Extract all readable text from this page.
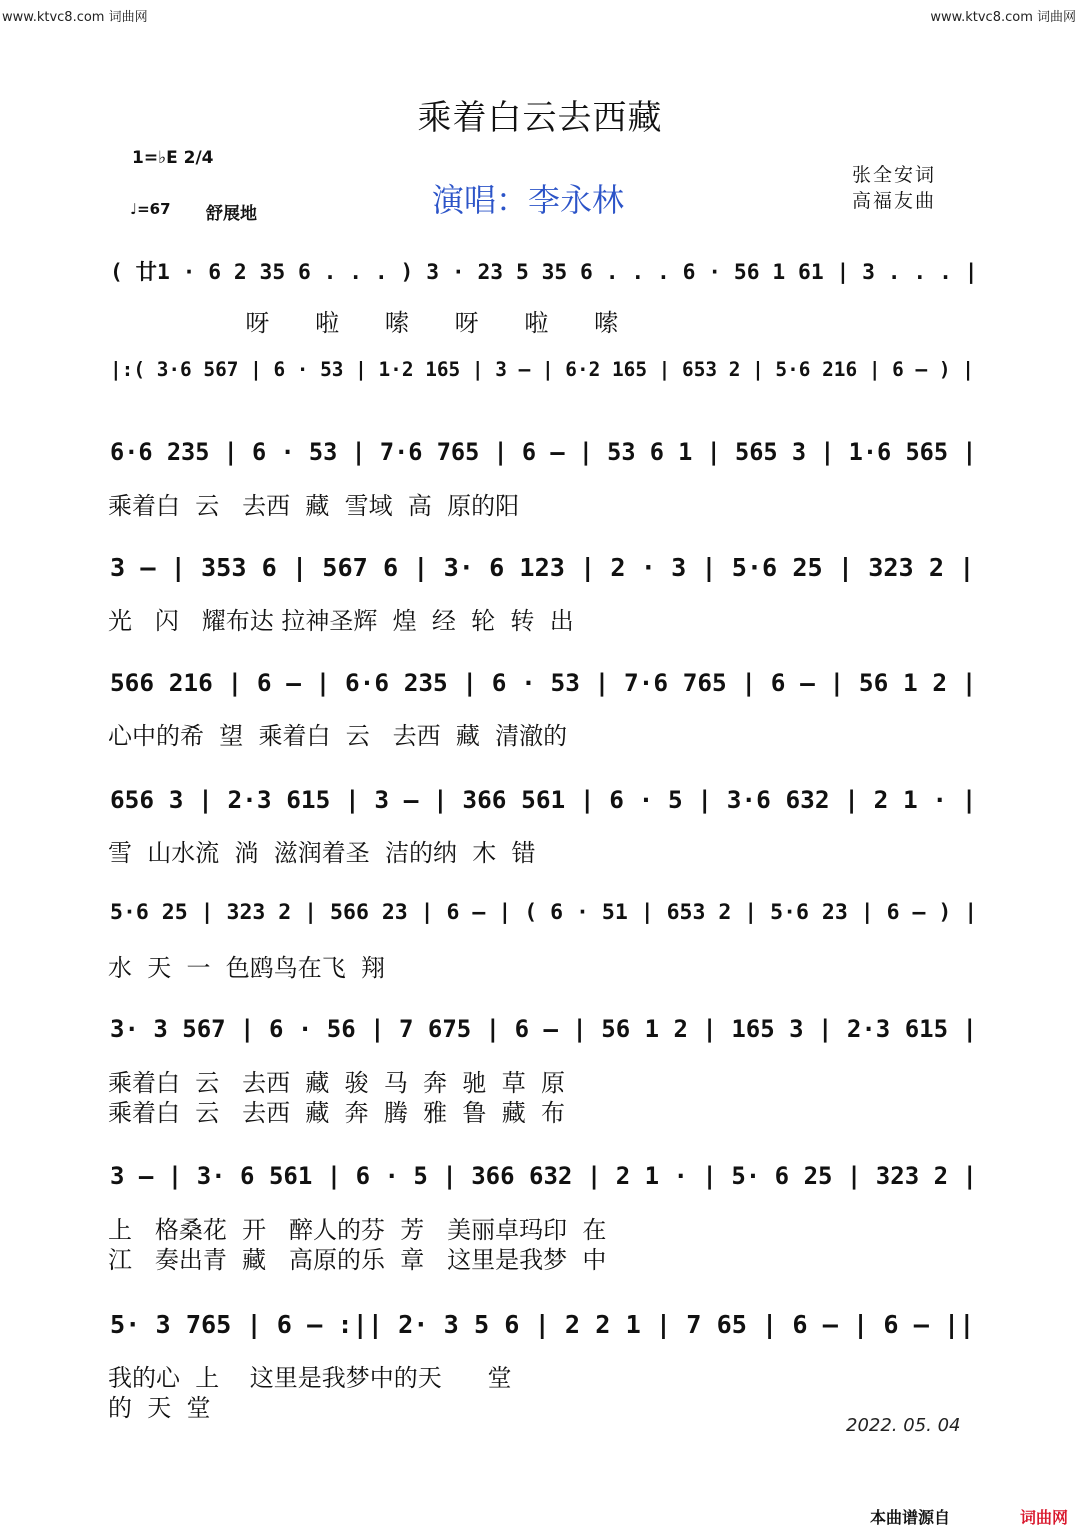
www.ktvc8.com 词曲网	www.ktvc8.com 词曲网
乘着白云去西藏
1=♭E 2/4
♩=67 舒展地	演唱：李永林
张全安词
高福友曲
( 廿1 · 6 2 35 6 . . . ) 3 · 23 5 35 6 . . . 6 · 56 1 61 | 3 . . . |
呀      啦      嗦      呀      啦      嗦
|:( 3·6 567 | 6 · 53 | 1·2 165 | 3 – | 6·2 165 | 653 2 | 5·6 216 | 6 – ) |
6·6 235 | 6 · 53 | 7·6 765 | 6 – | 53 6 1 | 565 3 | 1·6 565 |
乘着白  云   去西  藏  雪域  高  原的阳
3 – | 353 6 | 567 6 | 3· 6 123 | 2 · 3 | 5·6 25 | 323 2 |
光   闪   耀布达 拉神圣辉  煌  经  轮  转  出
566 216 | 6 – | 6·6 235 | 6 · 53 | 7·6 765 | 6 – | 56 1 2 |
心中的希  望  乘着白  云   去西  藏  清澈的
656 3 | 2·3 615 | 3 – | 366 561 | 6 · 5 | 3·6 632 | 2 1 · |
雪  山水流  淌  滋润着圣  洁的纳  木  错
5·6 25 | 323 2 | 566 23 | 6 – | ( 6 · 51 | 653 2 | 5·6 23 | 6 – ) |
水  天  一  色鸥鸟在飞  翔
3· 3 567 | 6 · 56 | 7 675 | 6 – | 56 1 2 | 165 3 | 2·3 615 |
乘着白  云   去西  藏  骏  马  奔  驰  草  原
乘着白  云   去西  藏  奔  腾  雅  鲁  藏  布
3 – | 3· 6 561 | 6 · 5 | 366 632 | 2 1 · | 5· 6 25 | 323 2 |
上   格桑花  开   醉人的芬  芳   美丽卓玛印  在
江   奏出青  藏   高原的乐  章   这里是我梦  中
5· 3 765 | 6 – :|| 2· 3 5 6 | 2 2 1 | 7 65 | 6 – | 6 – ||
我的心  上    这里是我梦中的天      堂
的  天  堂
2022. 05. 04
本曲谱源自	词曲网
